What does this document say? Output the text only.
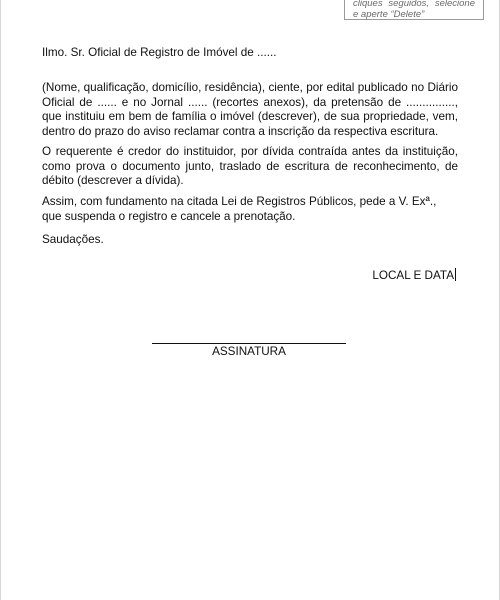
cliques seguidos, selecione e aperte “Delete”

Ilmo. Sr. Oficial de Registro de Imóvel de ......

(Nome, qualificação, domicílio, residência), ciente, por edital publicado no Diário Oficial de ...... e no Jornal ...... (recortes anexos), da pretensão de ..............., que instituiu em bem de família o imóvel (descrever), de sua propriedade, vem, dentro do prazo do aviso reclamar contra a inscrição da respectiva escritura.

O requerente é credor do instituidor, por dívida contraída antes da instituição, como prova o documento junto, traslado de escritura de reconhecimento, de débito (descrever a dívida).

Assim, com fundamento na citada Lei de Registros Públicos, pede a V. Exª., que suspenda o registro e cancele a prenotação.

Saudações.

LOCAL E DATA
ASSINATURA
